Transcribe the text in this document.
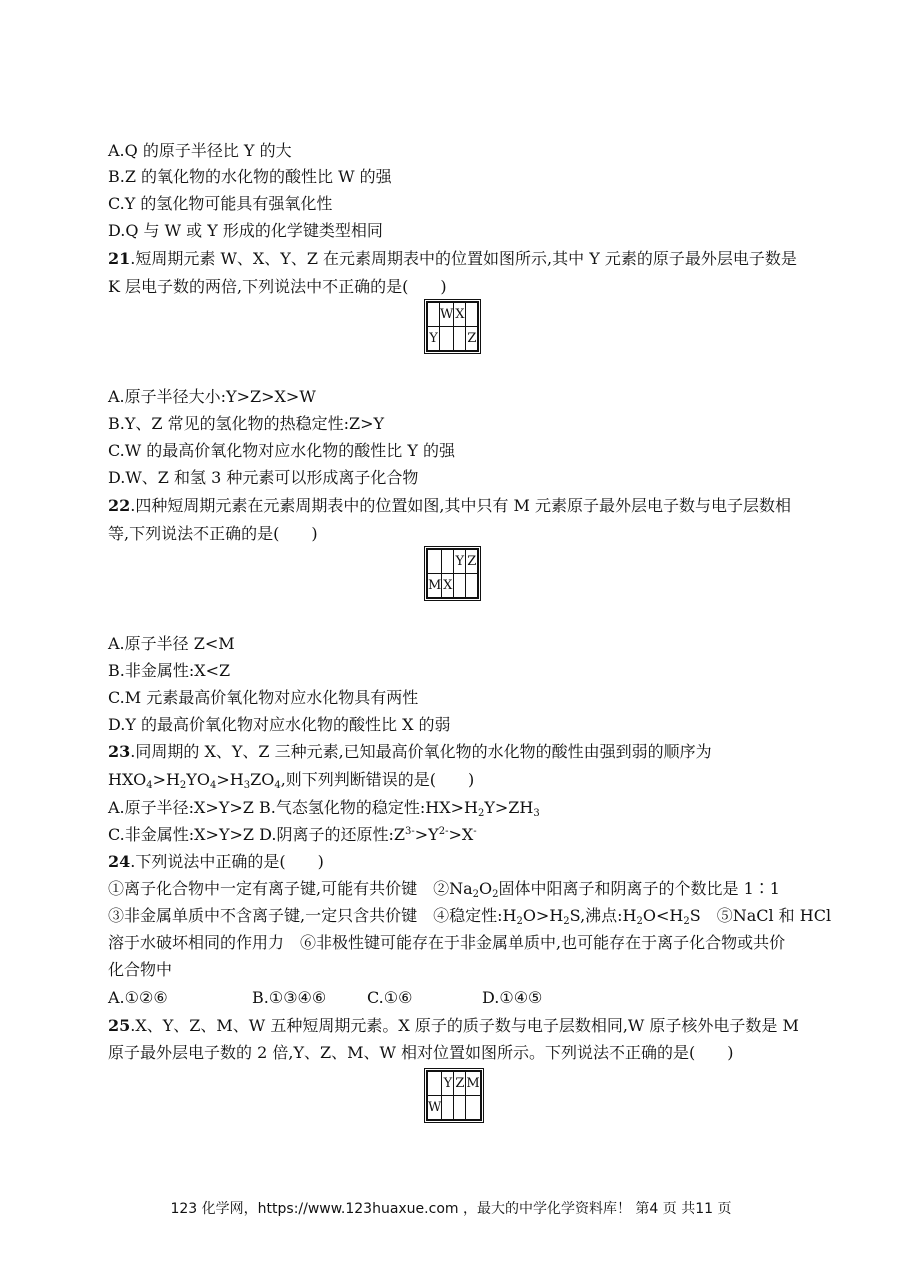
A.Q 的原子半径比 Y 的大
B.Z 的氧化物的水化物的酸性比 W 的强
C.Y 的氢化物可能具有强氧化性
D.Q 与 W 或 Y 形成的化学键类型相同
21.短周期元素 W、X、Y、Z 在元素周期表中的位置如图所示,其中 Y 元素的原子最外层电子数是
K 层电子数的两倍,下列说法中不正确的是(　　)
	W	X	
Y			Z
A.原子半径大小:Y>Z>X>W
B.Y、Z 常见的氢化物的热稳定性:Z>Y
C.W 的最高价氧化物对应水化物的酸性比 Y 的强
D.W、Z 和氢 3 种元素可以形成离子化合物
22.四种短周期元素在元素周期表中的位置如图,其中只有 M 元素原子最外层电子数与电子层数相
等,下列说法不正确的是(　　)
		Y	Z
M	X		
A.原子半径 Z<M
B.非金属性:X<Z
C.M 元素最高价氧化物对应水化物具有两性
D.Y 的最高价氧化物对应水化物的酸性比 X 的弱
23.同周期的 X、Y、Z 三种元素,已知最高价氧化物的水化物的酸性由强到弱的顺序为
$HXO_4>H_2YO_4>H_3ZO_4$,则下列判断错误的是(　　)
A.原子半径:X>Y>Z B.气态氢化物的稳定性$:HX>H_2Y>ZH_3$
C.非金属性:X>Y>Z D.阴离子的还原性$:Z^{3-}>Y^{2-}>X^-$
24.下列说法中正确的是(　　)
①离子化合物中一定有离子键,可能有共价键　$②Na_2O_2$固体中阳离子和阴离子的个数比是 1∶1
③非金属单质中不含离子键,一定只含共价键　④稳定性$:H_2O>H_2S$,沸点$:H_2O<H_2S$　⑤NaCl 和 HCl
溶于水破坏相同的作用力　⑥非极性键可能存在于非金属单质中,也可能存在于离子化合物或共价
化合物中
A.①②⑥	B.①③④⑥	C.①⑥	D.①④⑤
25.X、Y、Z、M、W 五种短周期元素。X 原子的质子数与电子层数相同,W 原子核外电子数是 M
原子最外层电子数的 2 倍,Y、Z、M、W 相对位置如图所示。下列说法不正确的是(　　)
	Y	Z	M
W			
123 化学网，https://www.123huaxue.com ，最大的中学化学资料库！ 第4 页 共11 页
